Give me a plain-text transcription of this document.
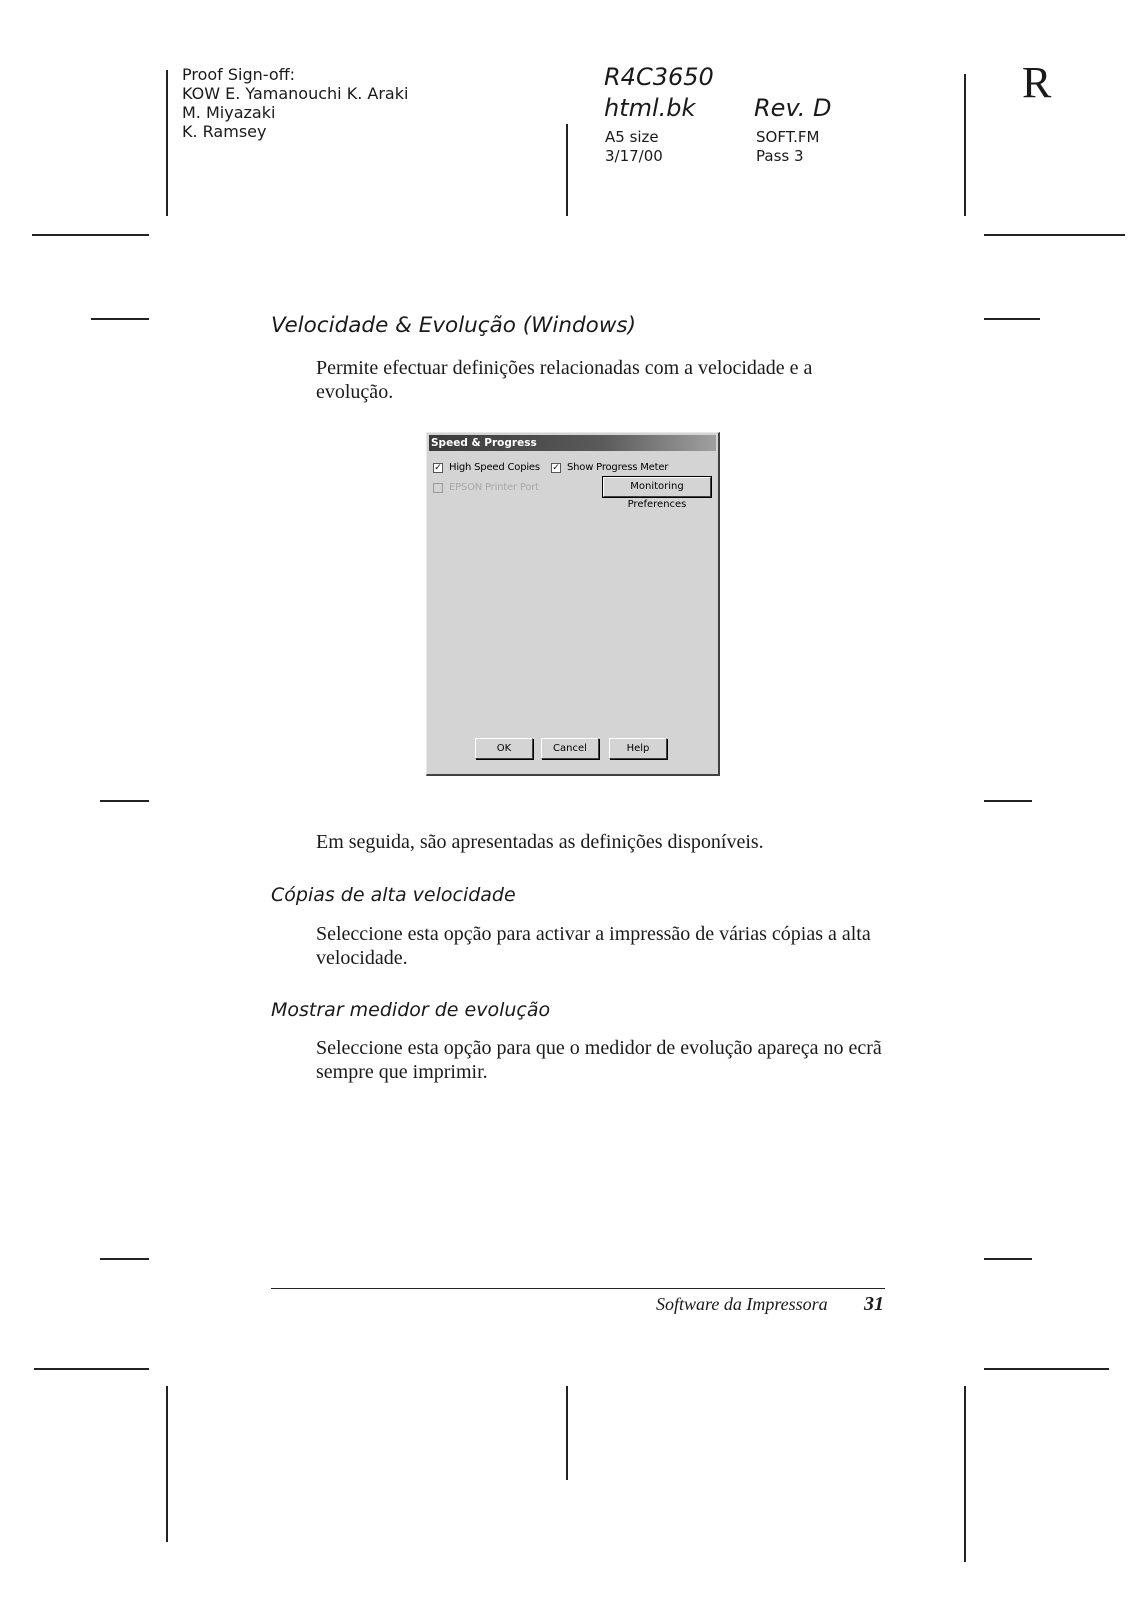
Proof Sign-off:
KOW E. Yamanouchi K. Araki
M. Miyazaki
K. Ramsey
R4C3650
html.bk Rev. D
A5 size
3/17/00
SOFT.FM
Pass 3
R
Velocidade & Evolução (Windows)
Permite efectuar definições relacionadas com a velocidade e a evolução.
Speed & Progress
✓ High Speed Copies ✓ Show Progress Meter
EPSON Printer Port	Monitoring Preferences
OK	Cancel	Help
Em seguida, são apresentadas as definições disponíveis.
Cópias de alta velocidade
Seleccione esta opção para activar a impressão de várias cópias a alta velocidade.
Mostrar medidor de evolução
Seleccione esta opção para que o medidor de evolução apareça no ecrã sempre que imprimir.
Software da Impressora 31
